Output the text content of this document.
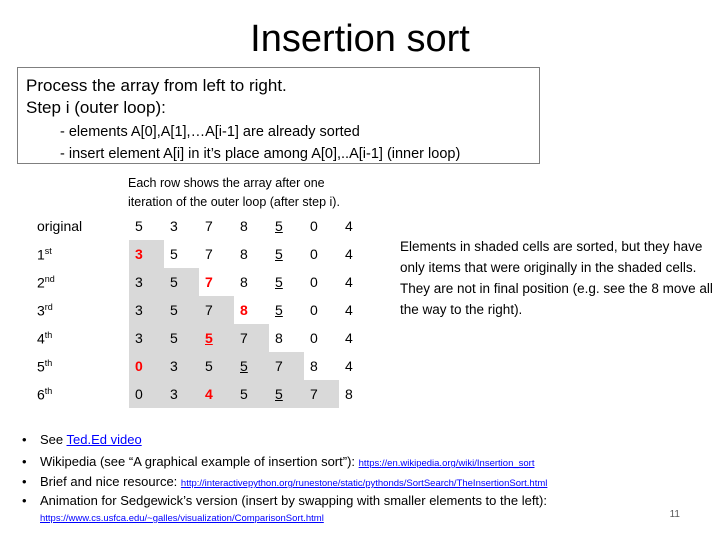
Insertion sort
Process the array from left to right.
Step i (outer loop):
- elements A[0],A[1],…A[i-1] are already sorted
- insert element A[i] in it’s place among A[0],..A[i-1] (inner loop)
Each row shows the array after one
iteration of the outer loop (after step i).
original	5	3	7	8	5	0	4
1st	3	5	7	8	5	0	4
2nd	3	5	7	8	5	0	4
3rd	3	5	7	8	5	0	4
4th	3	5	5	7	8	0	4
5th	0	3	5	5	7	8	4
6th	0	3	4	5	5	7	8
Elements in shaded cells are sorted, but they have only items that were originally in the shaded cells. They are not in final position (e.g. see the 8 move all the way to the right).
• See Ted.Ed video
• Wikipedia (see “A graphical example of insertion sort”): https://en.wikipedia.org/wiki/Insertion_sort
• Brief and nice resource: http://interactivepython.org/runestone/static/pythonds/SortSearch/TheInsertionSort.html
• Animation for Sedgewick’s version (insert by swapping with smaller elements to the left):
https://www.cs.usfca.edu/~galles/visualization/ComparisonSort.html	11
